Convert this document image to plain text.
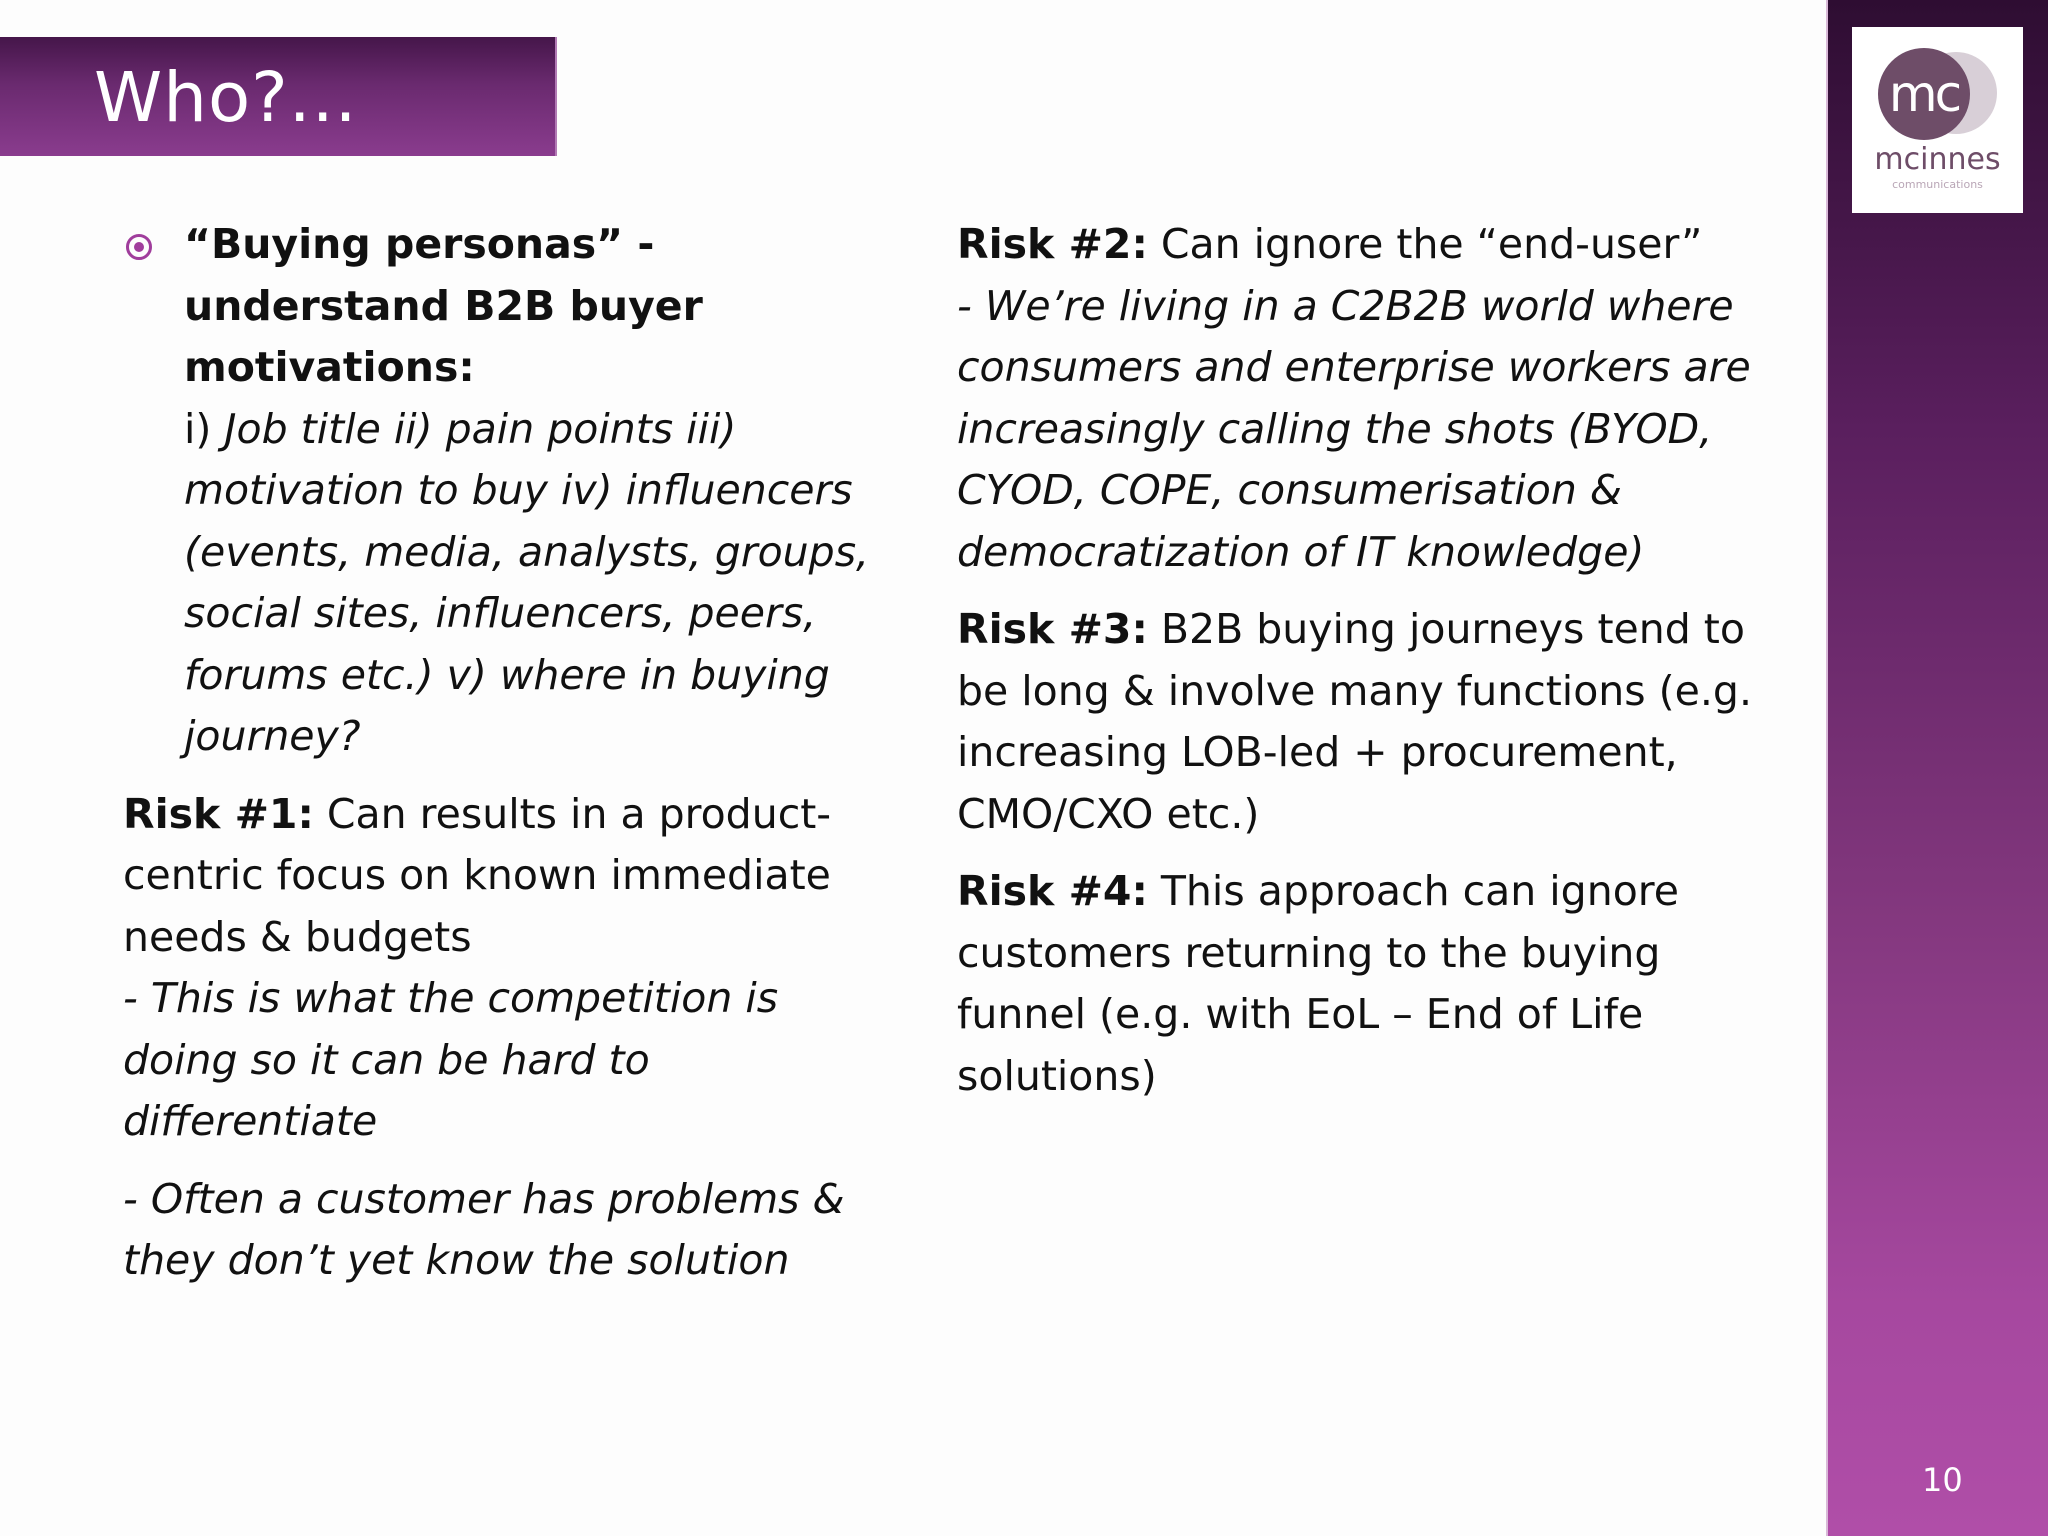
Who?...	mc
mcinnes
communications
“Buying personas” - understand B2B buyer motivations:
i) Job title ii) pain points iii) motivation to buy iv) influencers (events, media, analysts, groups, social sites, influencers, peers, forums etc.) v) where in buying journey?
Risk #1: Can results in a product-centric focus on known immediate needs & budgets
- This is what the competition is doing so it can be hard to differentiate
- Often a customer has problems & they don’t yet know the solution
Risk #2: Can ignore the “end-user”
- We’re living in a C2B2B world where consumers and enterprise workers are increasingly calling the shots (BYOD, CYOD, COPE, consumerisation & democratization of IT knowledge)
Risk #3: B2B buying journeys tend to be long & involve many functions (e.g. increasing LOB-led + procurement, CMO/CXO etc.)
Risk #4: This approach can ignore customers returning to the buying funnel (e.g. with EoL – End of Life solutions)
10
